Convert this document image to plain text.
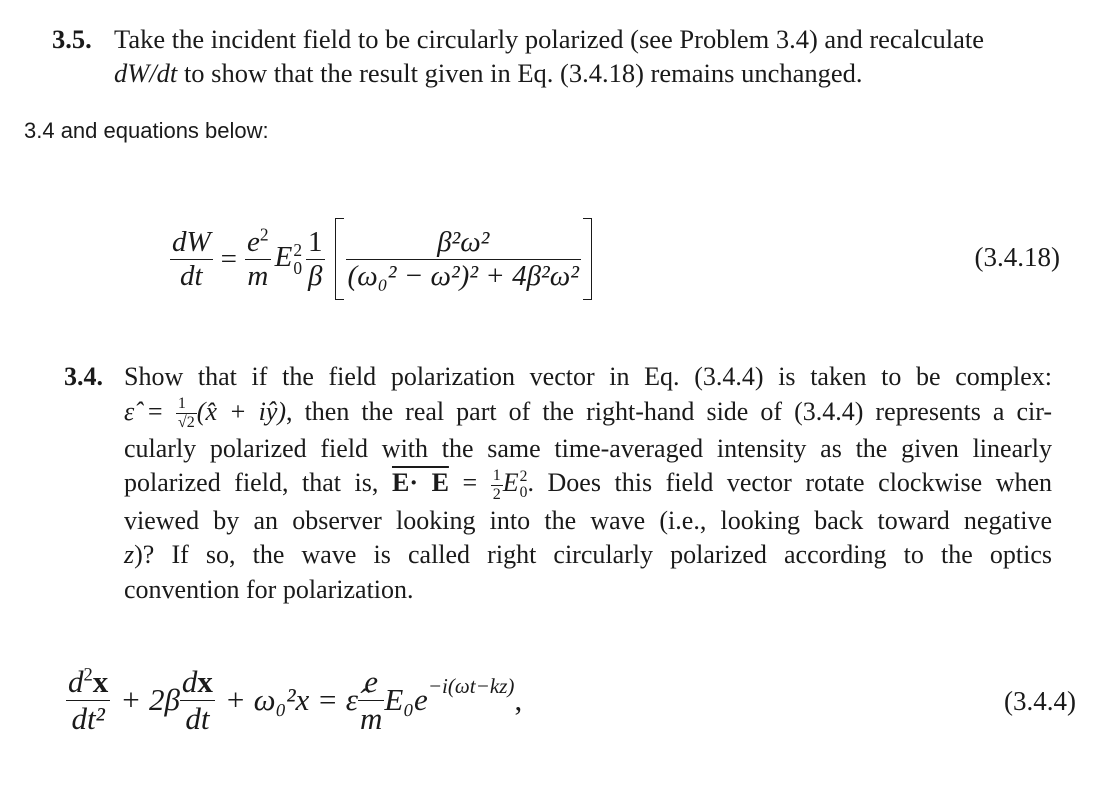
3.5. Take the incident field to be circularly polarized (see Problem 3.4) and recalculate
dW/dt to show that the result given in Eq. (3.4.18) remains unchanged.
3.4 and equations below:
$\frac{dW}{dt} = \frac{e^2}{m}$ E 2
$0 \frac{1}{\beta} \frac{\text{β²ω²}}{\text{(ω₀² − ω²)² + 4β²ω²}}$	(3.4.18)
3.4. Show that if the field polarization vector in Eq. (3.4.4) is taken to be complex:
ε̂ = $\frac{1}{√2}$ (x̂ + iŷ), then the real part of the right-hand side of (3.4.4) represents a cir-
cularly polarized field with the same time-averaged intensity as the given linearly
polarized field, that is, $E\cdot E = \frac{1}{2}$ E 2
0 . Does this field vector rotate clockwise when
viewed by an observer looking into the wave (i.e., looking back toward negative
z)? If so, the wave is called right circularly polarized according to the optics
convention for polarization.
$\frac{d^2x}{\text{dt²}} + 2\beta \frac{dx}{dt} + \omega_0^2x$ = ε̂ $\frac{e}{m} E_0e -i(\omega t-kz)$ ,	(3.4.4)
